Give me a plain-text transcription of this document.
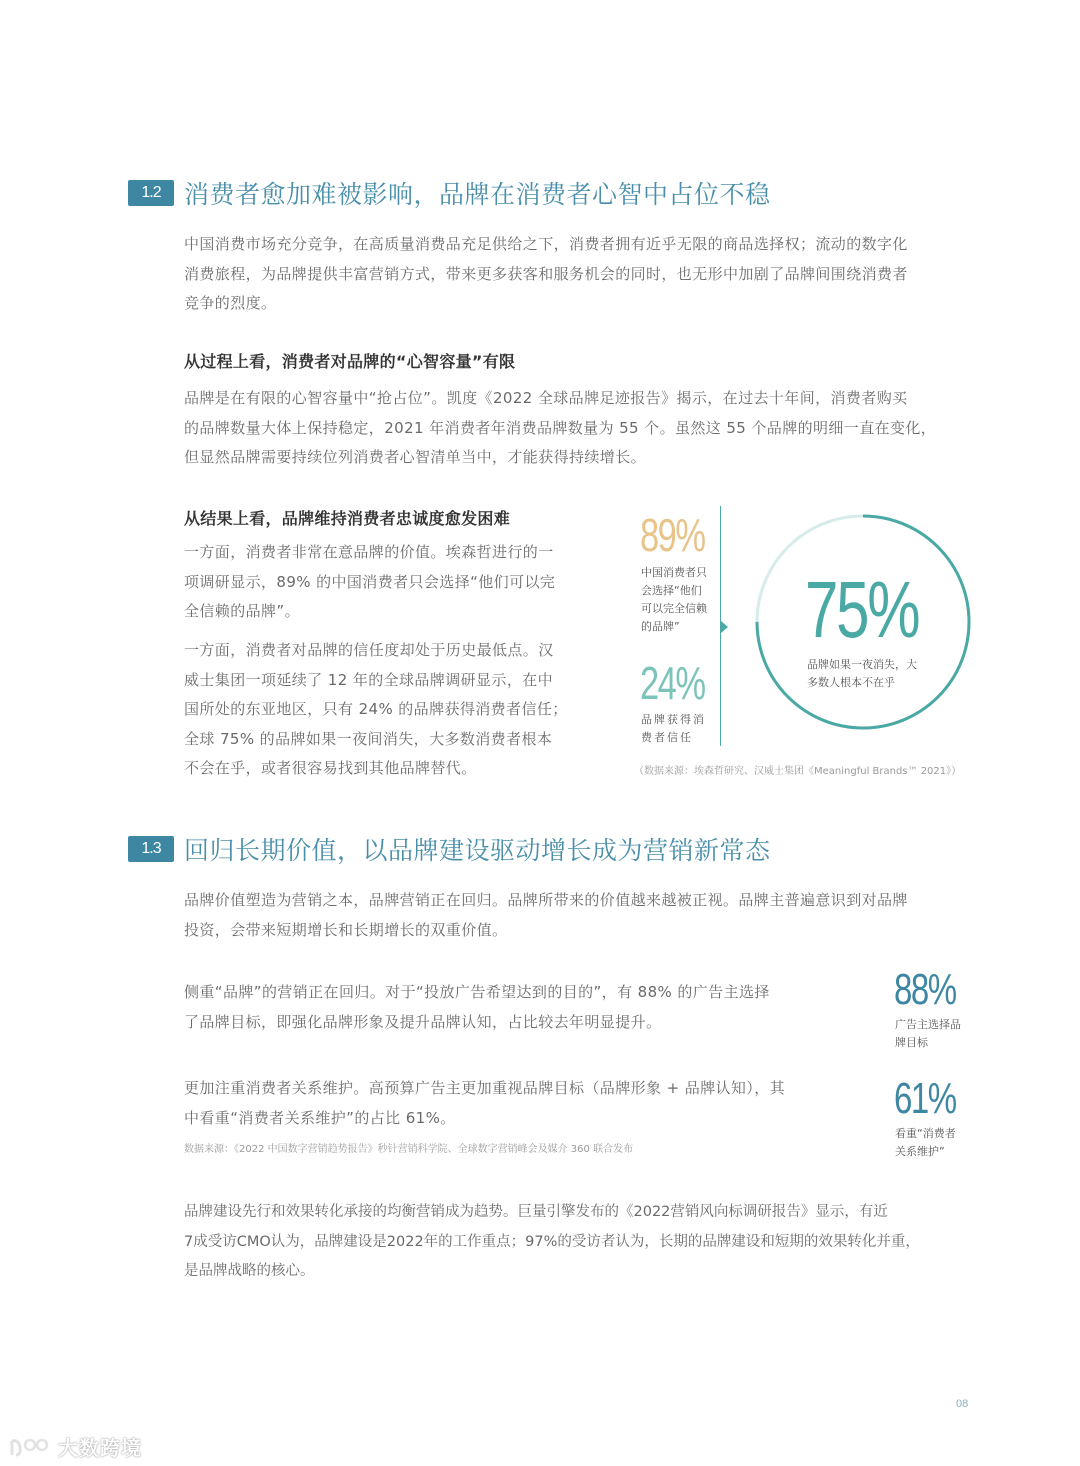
1.2 消费者愈加难被影响，品牌在消费者心智中占位不稳
中国消费市场充分竞争，在高质量消费品充足供给之下，消费者拥有近乎无限的商品选择权；流动的数字化
消费旅程，为品牌提供丰富营销方式，带来更多获客和服务机会的同时，也无形中加剧了品牌间围绕消费者
竞争的烈度。
从过程上看，消费者对品牌的“心智容量”有限
品牌是在有限的心智容量中“抢占位”。凯度《2022 全球品牌足迹报告》揭示，在过去十年间，消费者购买
的品牌数量大体上保持稳定，2021 年消费者年消费品牌数量为 55 个。虽然这 55 个品牌的明细一直在变化，
但显然品牌需要持续位列消费者心智清单当中，才能获得持续增长。
从结果上看，品牌维持消费者忠诚度愈发困难
一方面，消费者非常在意品牌的价值。埃森哲进行的一
项调研显示，89% 的中国消费者只会选择“他们可以完
全信赖的品牌”。
一方面，消费者对品牌的信任度却处于历史最低点。汉
威士集团一项延续了 12 年的全球品牌调研显示，在中
国所处的东亚地区，只有 24% 的品牌获得消费者信任；
全球 75% 的品牌如果一夜间消失，大多数消费者根本
不会在乎，或者很容易找到其他品牌替代。
89%
中国消费者只
会选择“他们
可以完全信赖
的品牌”
24%
品牌获得消
费者信任
75%
品牌如果一夜消失，大
多数人根本不在乎
（数据来源：埃森哲研究、汉威士集团《Meaningful Brands™ 2021》）
1.3 回归长期价值，以品牌建设驱动增长成为营销新常态
品牌价值塑造为营销之本，品牌营销正在回归。品牌所带来的价值越来越被正视。品牌主普遍意识到对品牌
投资，会带来短期增长和长期增长的双重价值。
侧重“品牌”的营销正在回归。对于“投放广告希望达到的目的”，有 88% 的广告主选择
了品牌目标，即强化品牌形象及提升品牌认知，占比较去年明显提升。
88%
广告主选择品
牌目标
更加注重消费者关系维护。高预算广告主更加重视品牌目标（品牌形象 + 品牌认知），其
中看重“消费者关系维护”的占比 61%。	61%
看重“消费者
关系维护”
数据来源：《2022 中国数字营销趋势报告》秒针营销科学院、全球数字营销峰会及媒介 360 联合发布
品牌建设先行和效果转化承接的均衡营销成为趋势。巨量引擎发布的《2022营销风向标调研报告》显示，有近
7成受访CMO认为，品牌建设是2022年的工作重点；97%的受访者认为，长期的品牌建设和短期的效果转化并重，
是品牌战略的核心。
08
大数跨境
